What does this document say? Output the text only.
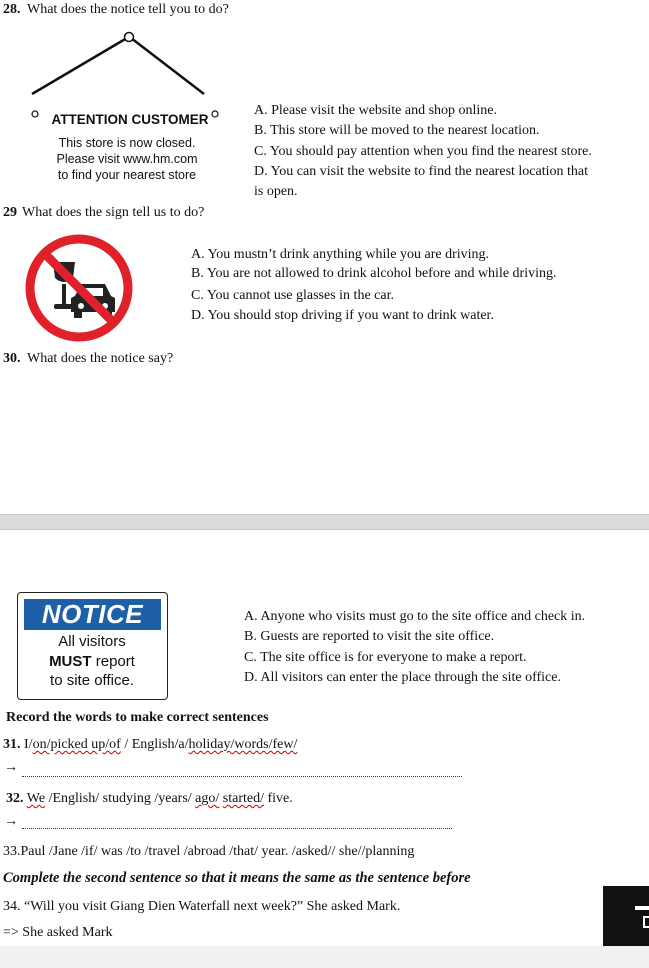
28. What does the notice tell you to do?
ATTENTION CUSTOMER
This store is now closed.
Please visit www.hm.com
to find your nearest store
A. Please visit the website and shop online.
B. This store will be moved to the nearest location.
C. You should pay attention when you find the nearest store.
D. You can visit the website to find the nearest location that
is open.
29 What does the sign tell us to do?
A. You mustn’t drink anything while you are driving.
B. You are not allowed to drink alcohol before and while driving.
C. You cannot use glasses in the car.
D. You should stop driving if you want to drink water.
30. What does the notice say?
NOTICE
All visitors
MUST report
to site office.
A. Anyone who visits must go to the site office and check in.
B. Guests are reported to visit the site office.
C. The site office is for everyone to make a report.
D. All visitors can enter the place through the site office.
Record the words to make correct sentences
31. I/on/picked up/of / English/a/holiday/words/few/
→
32. We /English/ studying /years/ ago/ started/ five.
→
33.Paul /Jane /if/ was /to /travel /abroad /that/ year. /asked// she//planning
Complete the second sentence so that it means the same as the sentence before
34. “Will you visit Giang Dien Waterfall next week?” She asked Mark.
=> She asked Mark
